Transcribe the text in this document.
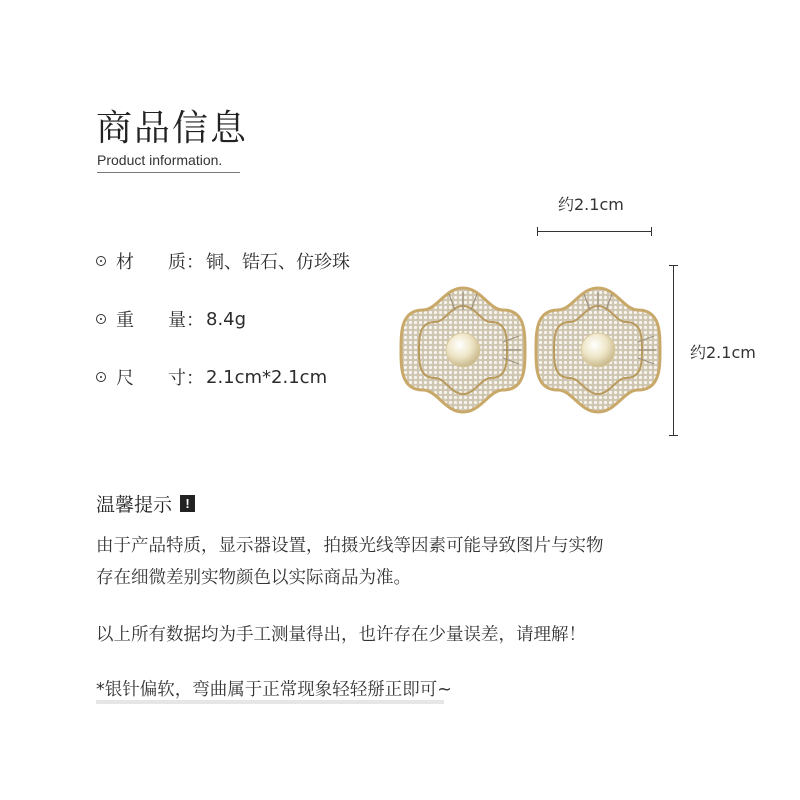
商品信息
Product information.
材	质 ： 铜、锆石、仿珍珠
重	量 ： 8.4g
尺	寸 ： 2.1cm*2.1cm
约2.1cm
约2.1cm
温馨提示	!
由于产品特质，显示器设置，拍摄光线等因素可能导致图片与实物
存在细微差别实物颜色以实际商品为准。
以上所有数据均为手工测量得出，也许存在少量误差，请理解！
*银针偏软，弯曲属于正常现象轻轻掰正即可~
